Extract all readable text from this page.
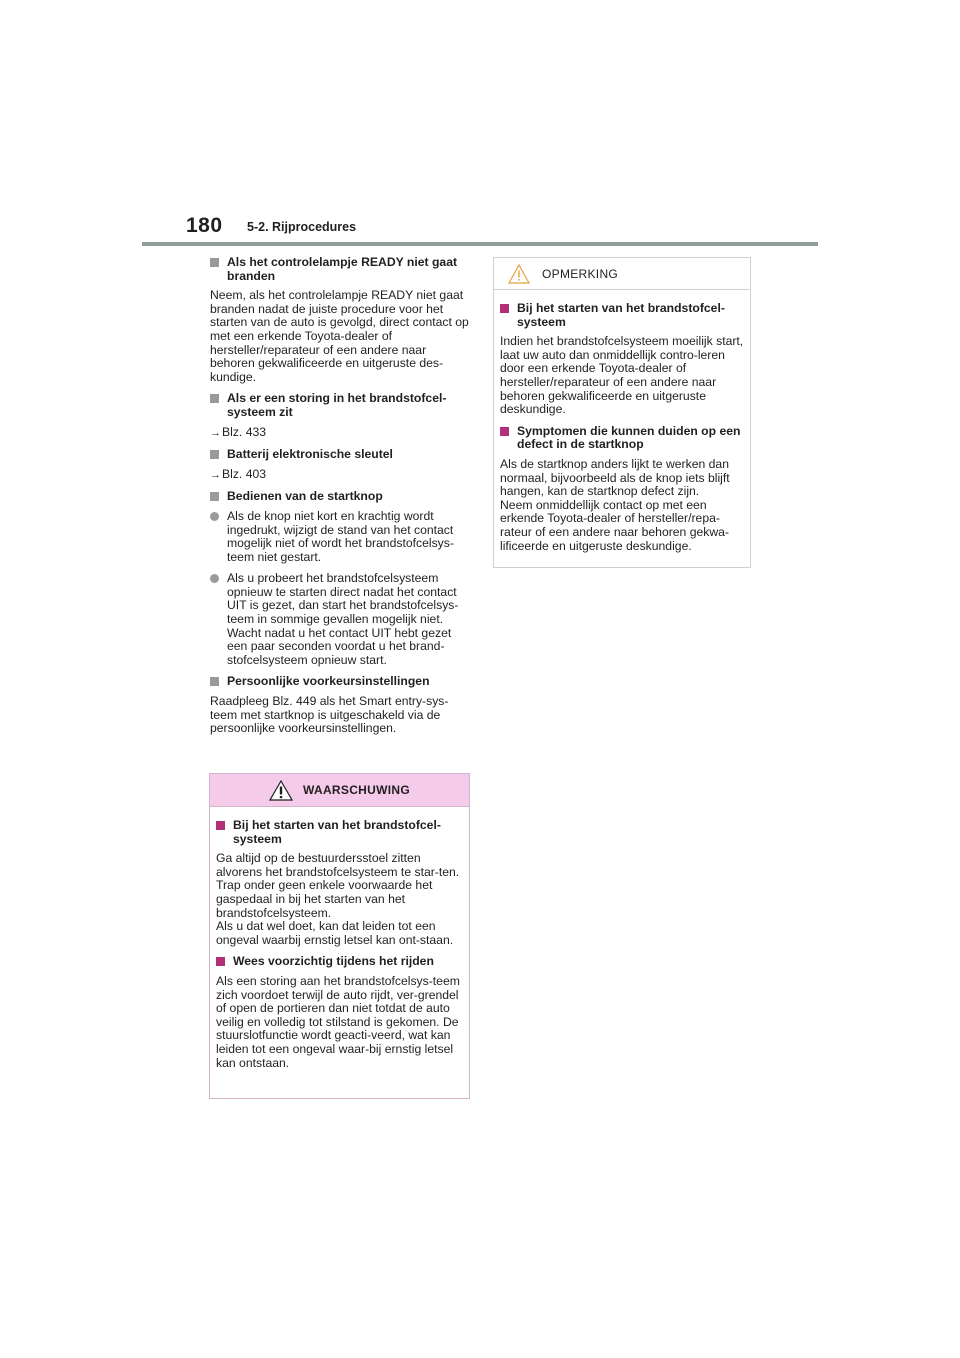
180 5-2. Rijprocedures
Als het controlelampje READY niet gaat branden
Neem, als het controlelampje READY niet gaat branden nadat de juiste procedure voor het starten van de auto is gevolgd, direct contact op met een erkende Toyota-dealer of hersteller/reparateur of een andere naar behoren gekwalificeerde en uitgeruste des-kundige.
Als er een storing in het brandstofcel-systeem zit
→Blz. 433
Batterij elektronische sleutel
→Blz. 403
Bedienen van de startknop
Als de knop niet kort en krachtig wordt ingedrukt, wijzigt de stand van het contact mogelijk niet of wordt het brandstofcelsys-teem niet gestart.
Als u probeert het brandstofcelsysteem opnieuw te starten direct nadat het contact UIT is gezet, dan start het brandstofcelsys-teem in sommige gevallen mogelijk niet. Wacht nadat u het contact UIT hebt gezet een paar seconden voordat u het brand-stofcelsysteem opnieuw start.
Persoonlijke voorkeursinstellingen
Raadpleeg Blz. 449 als het Smart entry-sys-teem met startknop is uitgeschakeld via de persoonlijke voorkeursinstellingen.
WAARSCHUWING
Bij het starten van het brandstofcel-systeem
Ga altijd op de bestuurdersstoel zitten alvorens het brandstofcelsysteem te star-ten. Trap onder geen enkele voorwaarde het gaspedaal in bij het starten van het brandstofcelsysteem.
Als u dat wel doet, kan dat leiden tot een ongeval waarbij ernstig letsel kan ont-staan.
Wees voorzichtig tijdens het rijden
Als een storing aan het brandstofcelsys-teem zich voordoet terwijl de auto rijdt, ver-grendel of open de portieren dan niet totdat de auto veilig en volledig tot stilstand is gekomen. De stuurslotfunctie wordt geacti-veerd, wat kan leiden tot een ongeval waar-bij ernstig letsel kan ontstaan.
OPMERKING
Bij het starten van het brandstofcel-systeem
Indien het brandstofcelsysteem moeilijk start, laat uw auto dan onmiddellijk contro-leren door een erkende Toyota-dealer of hersteller/reparateur of een andere naar behoren gekwalificeerde en uitgeruste deskundige.
Symptomen die kunnen duiden op een defect in de startknop
Als de startknop anders lijkt te werken dan normaal, bijvoorbeeld als de knop iets blijft hangen, kan de startknop defect zijn.
Neem onmiddellijk contact op met een erkende Toyota-dealer of hersteller/repa-rateur of een andere naar behoren gekwa-lificeerde en uitgeruste deskundige.
